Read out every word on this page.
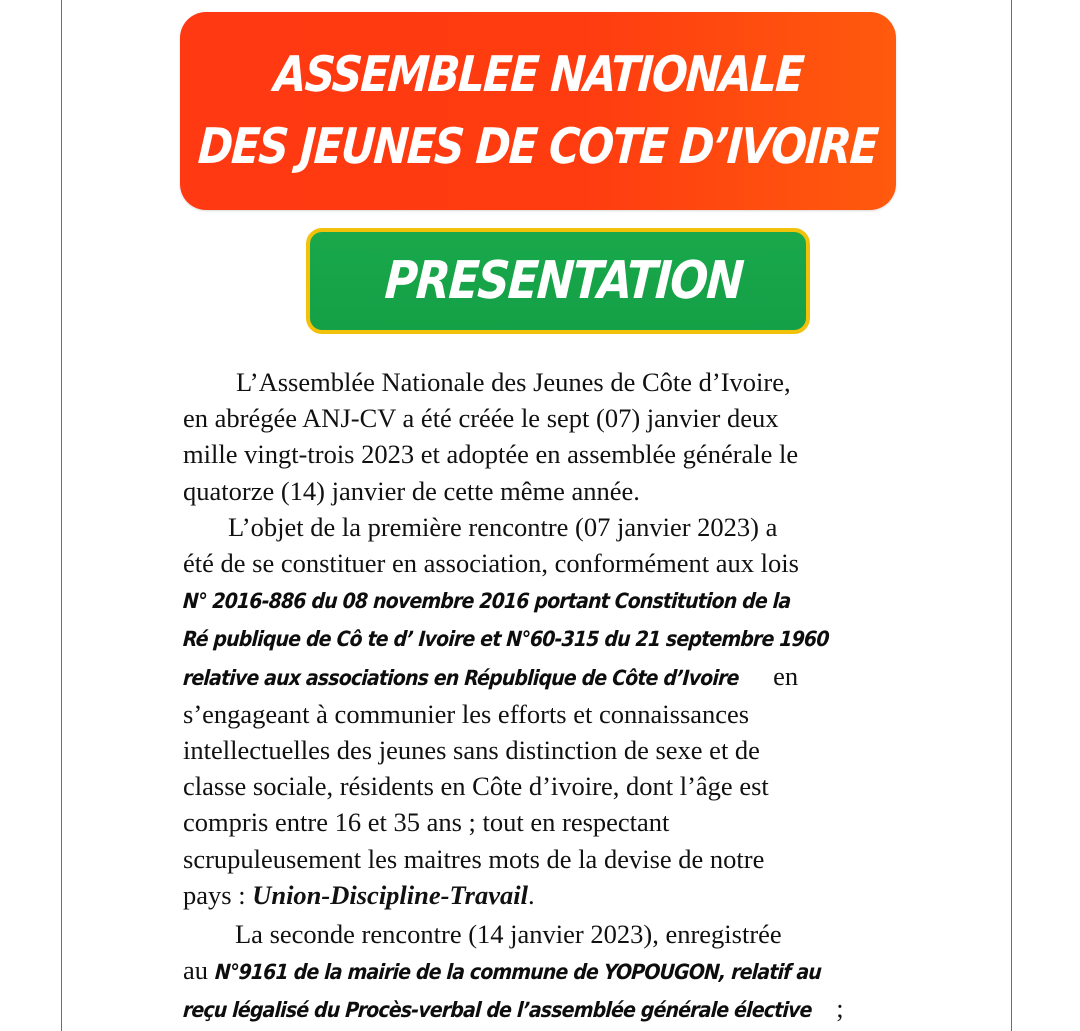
ASSEMBLEE NATIONALE
DES JEUNES DE COTE D’IVOIRE
PRESENTATION
L’Assemblée Nationale des Jeunes de Côte d’Ivoire,
en abrégée ANJ-CV a été créée le sept (07) janvier deux
mille vingt-trois 2023 et adoptée en assemblée générale le
quatorze (14) janvier de cette même année.
L’objet de la première rencontre (07 janvier 2023) a
été de se constituer en association, conformément aux lois
N° 2016-886 du 08 novembre 2016 portant Constitution de la
Ré publique de Cô te d’ Ivoire et N°60-315 du 21 septembre 1960
relative aux associations en République de Côte d’Ivoire en
s’engageant à communier les efforts et connaissances
intellectuelles des jeunes sans distinction de sexe et de
classe sociale, résidents en Côte d’ivoire, dont l’âge est
compris entre 16 et 35 ans ; tout en respectant
scrupuleusement les maitres mots de la devise de notre
pays : Union-Discipline-Travail.
La seconde rencontre (14 janvier 2023), enregistrée
au N°9161 de la mairie de la commune de YOPOUGON, relatif au
reçu légalisé du Procès-verbal de l’assemblée générale élective ;
